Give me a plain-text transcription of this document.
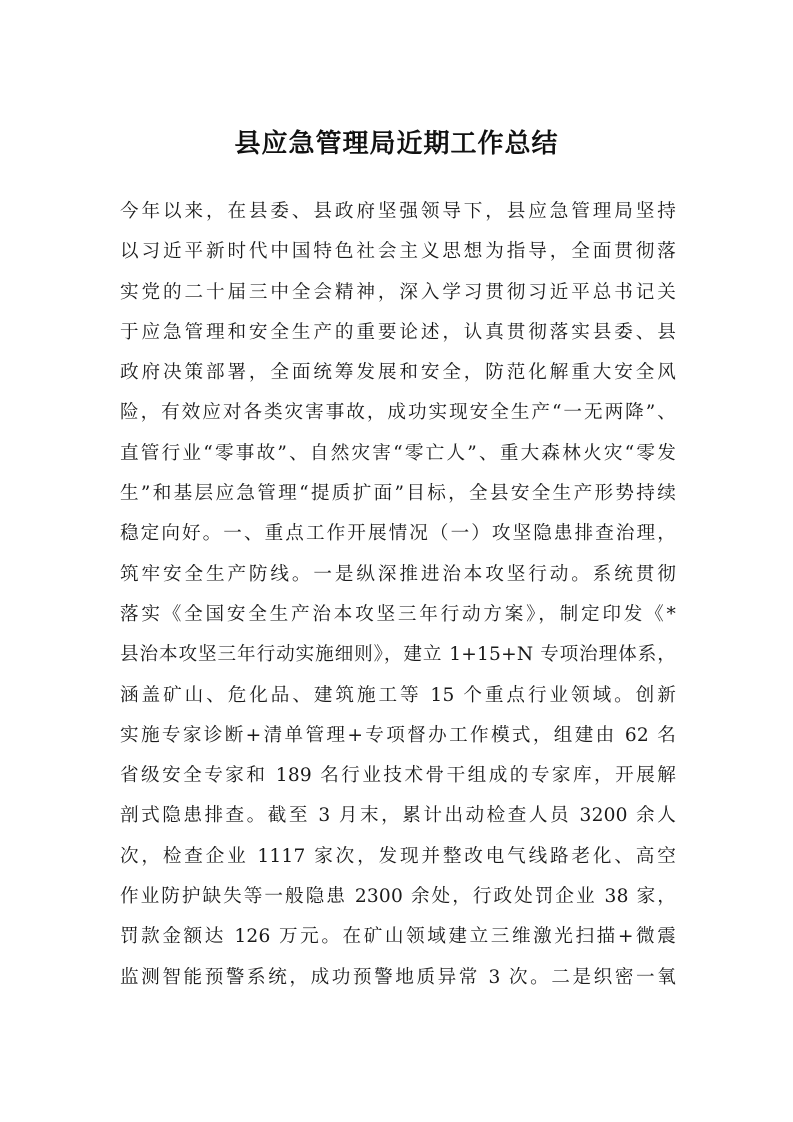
县应急管理局近期工作总结
今年以来，在县委、县政府坚强领导下，县应急管理局坚持
以习近平新时代中国特色社会主义思想为指导，全面贯彻落
实党的二十届三中全会精神，深入学习贯彻习近平总书记关
于应急管理和安全生产的重要论述，认真贯彻落实县委、县
政府决策部署，全面统筹发展和安全，防范化解重大安全风
险，有效应对各类灾害事故，成功实现安全生产“一无两降”、
直管行业“零事故”、自然灾害“零亡人”、重大森林火灾“零发
生”和基层应急管理“提质扩面”目标，全县安全生产形势持续
稳定向好。一、重点工作开展情况（一）攻坚隐患排查治理，
筑牢安全生产防线。一是纵深推进治本攻坚行动。系统贯彻
落实《全国安全生产治本攻坚三年行动方案》，制定印发《*
县治本攻坚三年行动实施细则》，建立 1+15+N 专项治理体系，
涵盖矿山、危化品、建筑施工等 15 个重点行业领域。创新
实施专家诊断+清单管理+专项督办工作模式，组建由 62 名
省级安全专家和 189 名行业技术骨干组成的专家库，开展解
剖式隐患排查。截至 3 月末，累计出动检查人员 3200 余人
次，检查企业 1117 家次，发现并整改电气线路老化、高空
作业防护缺失等一般隐患 2300 余处，行政处罚企业 38 家，
罚款金额达 126 万元。在矿山领域建立三维激光扫描+微震
监测智能预警系统，成功预警地质异常 3 次。二是织密一氧
